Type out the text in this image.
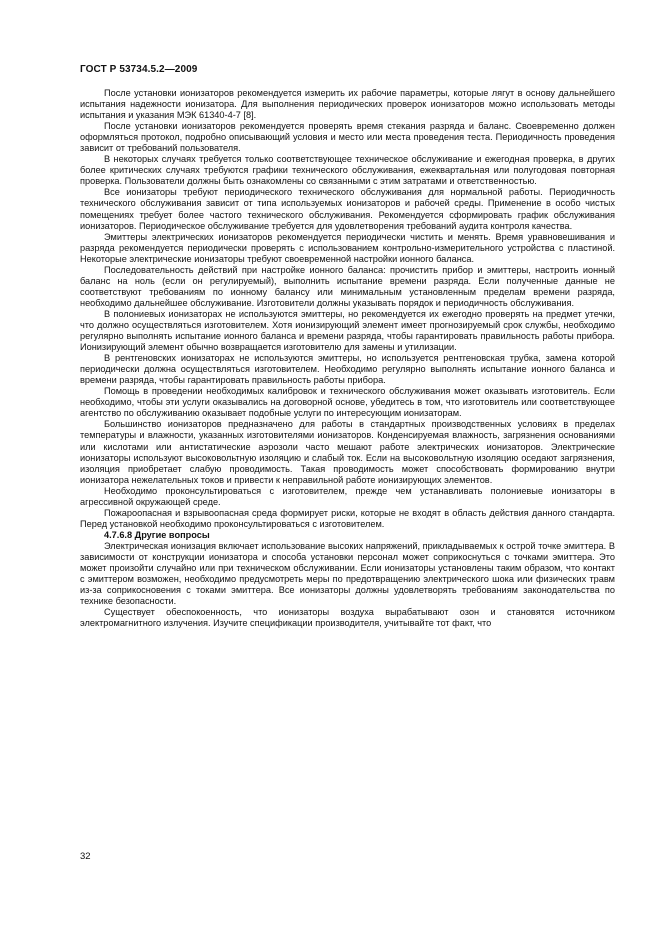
ГОСТ Р 53734.5.2—2009

После установки ионизаторов рекомендуется измерить их рабочие параметры, которые лягут в основу дальнейшего испытания надежности ионизатора. Для выполнения периодических проверок ионизаторов можно использовать методы испытания и указания МЭК 61340-4-7 [8].

После установки ионизаторов рекомендуется проверять время стекания разряда и баланс. Своевременно должен оформляться протокол, подробно описывающий условия и место или места проведения теста. Периодичность проведения зависит от требований пользователя.

В некоторых случаях требуется только соответствующее техническое обслуживание и ежегодная проверка, в других более критических случаях требуются графики технического обслуживания, ежеквартальная или полугодовая повторная проверка. Пользователи должны быть ознакомлены со связанными с этим затратами и ответственностью.

Все ионизаторы требуют периодического технического обслуживания для нормальной работы. Периодичность технического обслуживания зависит от типа используемых ионизаторов и рабочей среды. Применение в особо чистых помещениях требует более частого технического обслуживания. Рекомендуется сформировать график обслуживания ионизаторов. Периодическое обслуживание требуется для удовлетворения требований аудита контроля качества.

Эмиттеры электрических ионизаторов рекомендуется периодически чистить и менять. Время уравновешивания и разряда рекомендуется периодически проверять с использованием контрольно-измерительного устройства с пластиной. Некоторые электрические ионизаторы требуют своевременной настройки ионного баланса.

Последовательность действий при настройке ионного баланса: прочистить прибор и эмиттеры, настроить ионный баланс на ноль (если он регулируемый), выполнить испытание времени разряда. Если полученные данные не соответствуют требованиям по ионному балансу или минимальным установленным пределам времени разряда, необходимо дальнейшее обслуживание. Изготовители должны указывать порядок и периодичность обслуживания.

В полониевых ионизаторах не используются эмиттеры, но рекомендуется их ежегодно проверять на предмет утечки, что должно осуществляться изготовителем. Хотя ионизирующий элемент имеет прогнозируемый срок службы, необходимо регулярно выполнять испытание ионного баланса и времени разряда, чтобы гарантировать правильность работы прибора. Ионизирующий элемент обычно возвращается изготовителю для замены и утилизации.

В рентгеновских ионизаторах не используются эмиттеры, но используется рентгеновская трубка, замена которой периодически должна осуществляться изготовителем. Необходимо регулярно выполнять испытание ионного баланса и времени разряда, чтобы гарантировать правильность работы прибора.

Помощь в проведении необходимых калибровок и технического обслуживания может оказывать изготовитель. Если необходимо, чтобы эти услуги оказывались на договорной основе, убедитесь в том, что изготовитель или соответствующее агентство по обслуживанию оказывает подобные услуги по интересующим ионизаторам.

Большинство ионизаторов предназначено для работы в стандартных производственных условиях в пределах температуры и влажности, указанных изготовителями ионизаторов. Конденсируемая влажность, загрязнения основаниями или кислотами или антистатические аэрозоли часто мешают работе электрических ионизаторов. Электрические ионизаторы используют высоковольтную изоляцию и слабый ток. Если на высоковольтную изоляцию оседают загрязнения, изоляция приобретает слабую проводимость. Такая проводимость может способствовать формированию внутри ионизатора нежелательных токов и привести к неправильной работе ионизирующих элементов.

Необходимо проконсультироваться с изготовителем, прежде чем устанавливать полониевые ионизаторы в агрессивной окружающей среде.

Пожароопасная и взрывоопасная среда формирует риски, которые не входят в область действия данного стандарта. Перед установкой необходимо проконсультироваться с изготовителем.

4.7.6.8 Другие вопросы

Электрическая ионизация включает использование высоких напряжений, прикладываемых к острой точке эмиттера. В зависимости от конструкции ионизатора и способа установки персонал может соприкоснуться с точками эмиттера. Это может произойти случайно или при техническом обслуживании. Если ионизаторы установлены таким образом, что контакт с эмиттером возможен, необходимо предусмотреть меры по предотвращению электрического шока или физических травм из-за соприкосновения с токами эмиттера. Все ионизаторы должны удовлетворять требованиям законодательства по технике безопасности.

Существует обеспокоенность, что ионизаторы воздуха вырабатывают озон и становятся источником электромагнитного излучения. Изучите спецификации производителя, учитывайте тот факт, что

32
